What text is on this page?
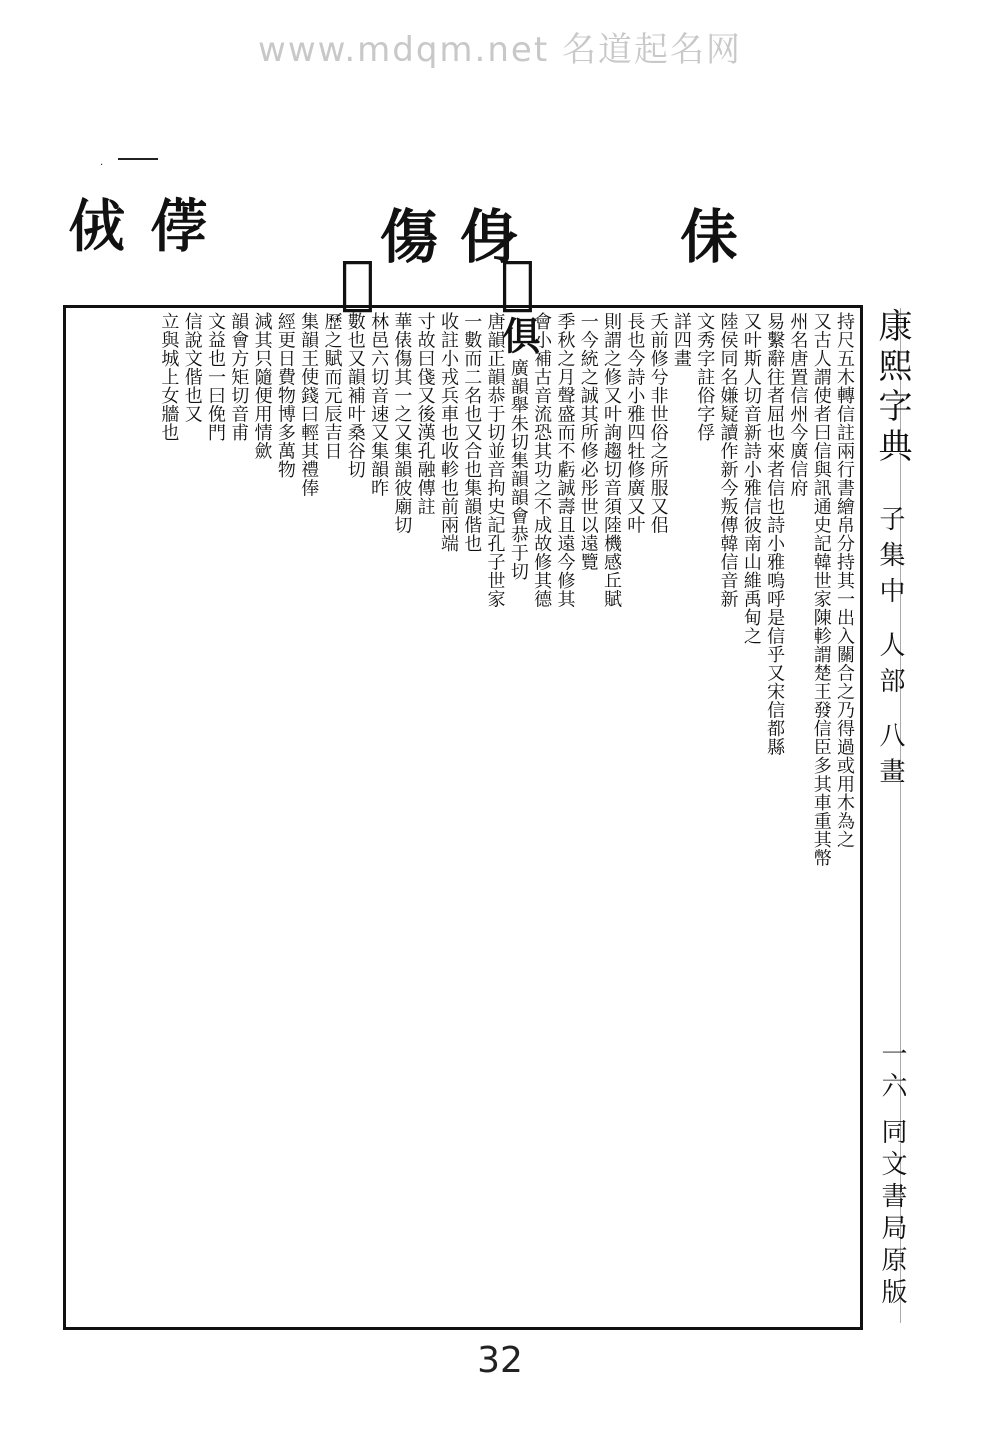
www.mdqm.net 名道起名网
·
𠈋 𠍤	傷 㑗	㑍
𠈘 𠈥
持尺五木轉信註兩行書繪帛分持其一出入關合之乃得過或用木為之
又古人謂使者曰信與訊通史記韓世家陳軫謂楚王發信臣多其車重其幣
州名唐置信州今廣信府
易繫辭往者屈也來者信也詩小雅嗚呼是信乎又宋信都縣
又叶斯人切音新詩小雅信彼南山維禹甸之
陸侯同名嫌疑讀作新今叛傳韓信音新
文秀字註俗字俘
詳四畫
夭前修兮非世俗之所服又佀
長也今詩小雅四牡修廣又叶
則謂之修又叶詢趨切音須陸機感丘賦
一今統之誠其所修必彤世以遠覽
季秋之月聲盛而不虧誠壽且遠今修其
會小補古音流恐其功之不成故修其德
俱廣韻舉朱切集韻韻會恭于切
唐韻正韻恭于切並音拘史記孔子世家
一數而二名也又合也集韻偕也
收註小戎兵車也收軫也前兩端
寸故曰俴又後漢孔融傳註
華俵傷其一之又集韻彼廟切
林邑六切音速又集韻昨
數也又韻補叶桑谷切
歷之賦而元辰吉日
集韻王使錢曰輕其禮俸
經更日費物博多萬物
減其只隨便用情歛
韻會方矩切音甫
文益也一曰俛門
信說文偕也又
立與城上女牆也	康熙字典
子集中 人部 八畫
一六 同文書局原版
32
